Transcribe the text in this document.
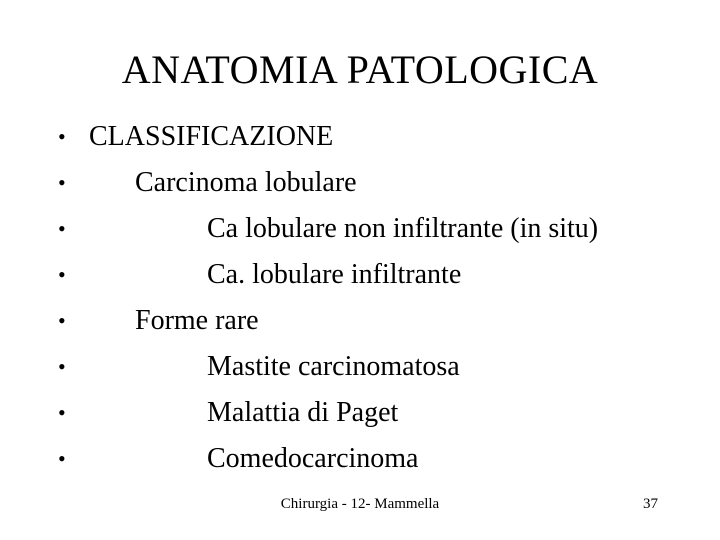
ANATOMIA PATOLOGICA
• CLASSIFICAZIONE
•	Carcinoma lobulare
•	Ca lobulare non infiltrante (in situ)
•	Ca. lobulare infiltrante
•	Forme rare
•	Mastite carcinomatosa
•	Malattia di Paget
•	Comedocarcinoma
Chirurgia - 12- Mammella	37
